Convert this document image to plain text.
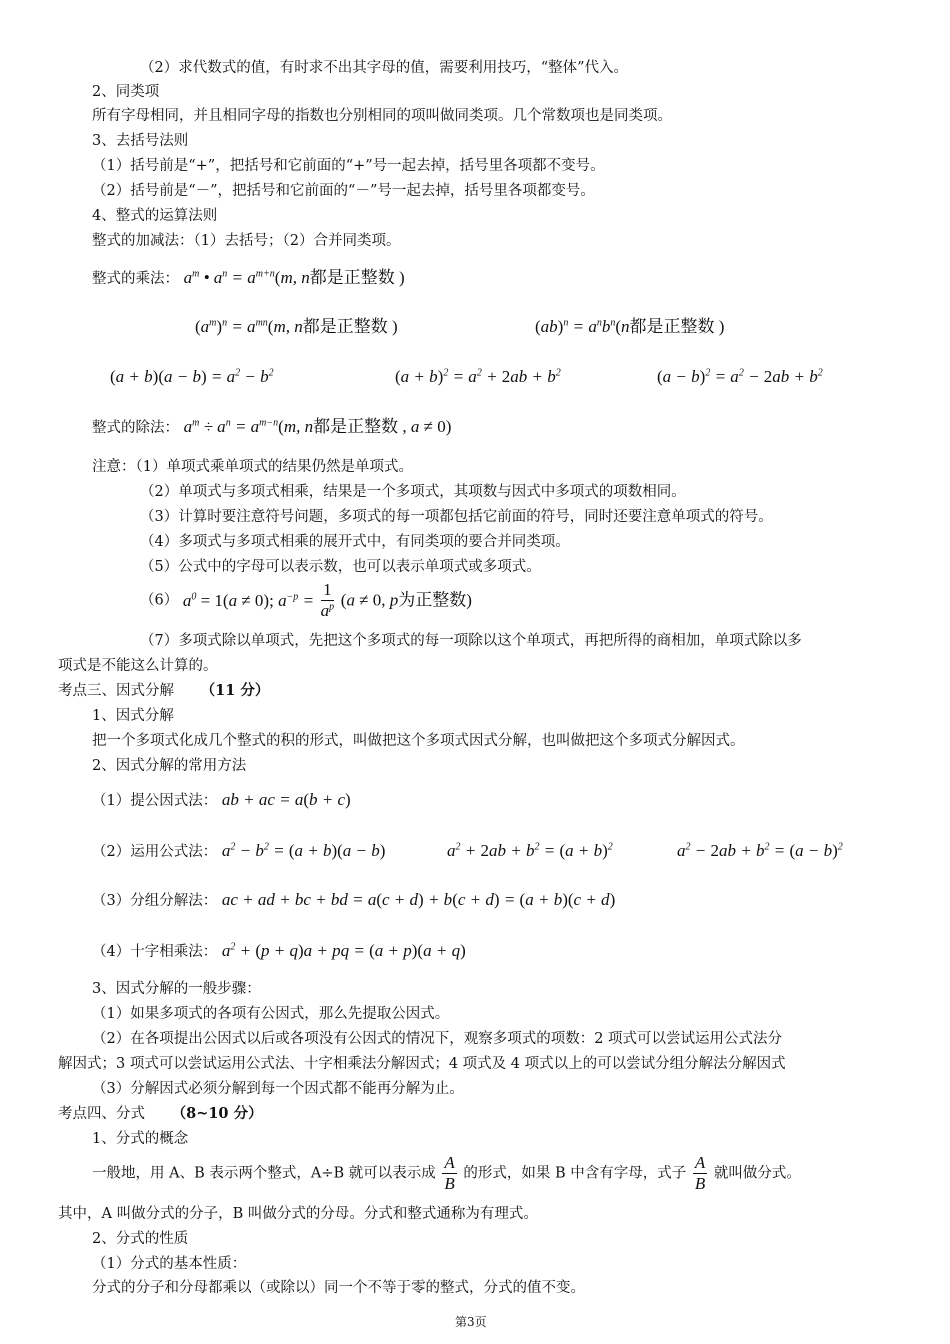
（2）求代数式的值，有时求不出其字母的值，需要利用技巧，“整体”代入。
2、同类项
所有字母相同，并且相同字母的指数也分别相同的项叫做同类项。几个常数项也是同类项。
3、去括号法则
（1）括号前是“+”，把括号和它前面的“+”号一起去掉，括号里各项都不变号。
（2）括号前是“－”，把括号和它前面的“－”号一起去掉，括号里各项都变号。
4、整式的运算法则
整式的加减法：（1）去括号；（2）合并同类项。
整式的乘法： $a^m$ • $a^n = a^{m+n}(m$, n都是正整数 )
$(a^m)^n = a^{mn}(m$, n都是正整数 )	$(ab)^n = a^nb^n(n$都是正整数 )
$(a + b)(a - b) = a^2 - b^2$	$(a + b)^2 = a^2 + 2ab + b^2$	$(a - b)^2 = a^2 - 2ab + b^2$
整式的除法： $a^m \div a^n = a^{m-n}(m$, n都是正整数 , a ≠ 0)
注意：（1）单项式乘单项式的结果仍然是单项式。
（2）单项式与多项式相乘，结果是一个多项式，其项数与因式中多项式的项数相同。
（3）计算时要注意符号问题，多项式的每一项都包括它前面的符号，同时还要注意单项式的符号。
（4）多项式与多项式相乘的展开式中，有同类项的要合并同类项。
（5）公式中的字母可以表示数，也可以表示单项式或多项式。
（6） $a^0 = 1(a \ne 0)$; $a^{-p} = \frac{1}{a^p} (a \ne 0$, p为正整数)
（7）多项式除以单项式，先把这个多项式的每一项除以这个单项式，再把所得的商相加，单项式除以多
项式是不能这么计算的。
考点三、因式分解 （11 分）
1、因式分解
把一个多项式化成几个整式的积的形式，叫做把这个多项式因式分解，也叫做把这个多项式分解因式。
2、因式分解的常用方法
（1）提公因式法： ab + ac = a(b + c)
（2）运用公式法： $a^2 - b^2 = (a + b)(a - b)$	$a^2 + 2ab + b^2 = (a + b)^2$	$a^2 - 2ab + b^2 = (a - b)^2$
（3）分组分解法： ac + ad + bc + bd = a(c + d) + b(c + d) = (a + b)(c + d)
（4）十字相乘法： $a^2 + (p + q)a$ + pq = (a + p)(a + q)
3、因式分解的一般步骤：
（1）如果多项式的各项有公因式，那么先提取公因式。
（2）在各项提出公因式以后或各项没有公因式的情况下，观察多项式的项数：2 项式可以尝试运用公式法分
解因式；3 项式可以尝试运用公式法、十字相乘法分解因式；4 项式及 4 项式以上的可以尝试分组分解法分解因式
（3）分解因式必须分解到每一个因式都不能再分解为止。
考点四、分式 （8~10 分）
1、分式的概念
一般地，用 A、B 表示两个整式，A÷B 就可以表示成 $\frac{A}{B}$ 的形式，如果 B 中含有字母，式子 $\frac{A}{B}$ 就叫做分式。
其中，A 叫做分式的分子，B 叫做分式的分母。分式和整式通称为有理式。
2、分式的性质
（1）分式的基本性质：
分式的分子和分母都乘以（或除以）同一个不等于零的整式，分式的值不变。
第3页
